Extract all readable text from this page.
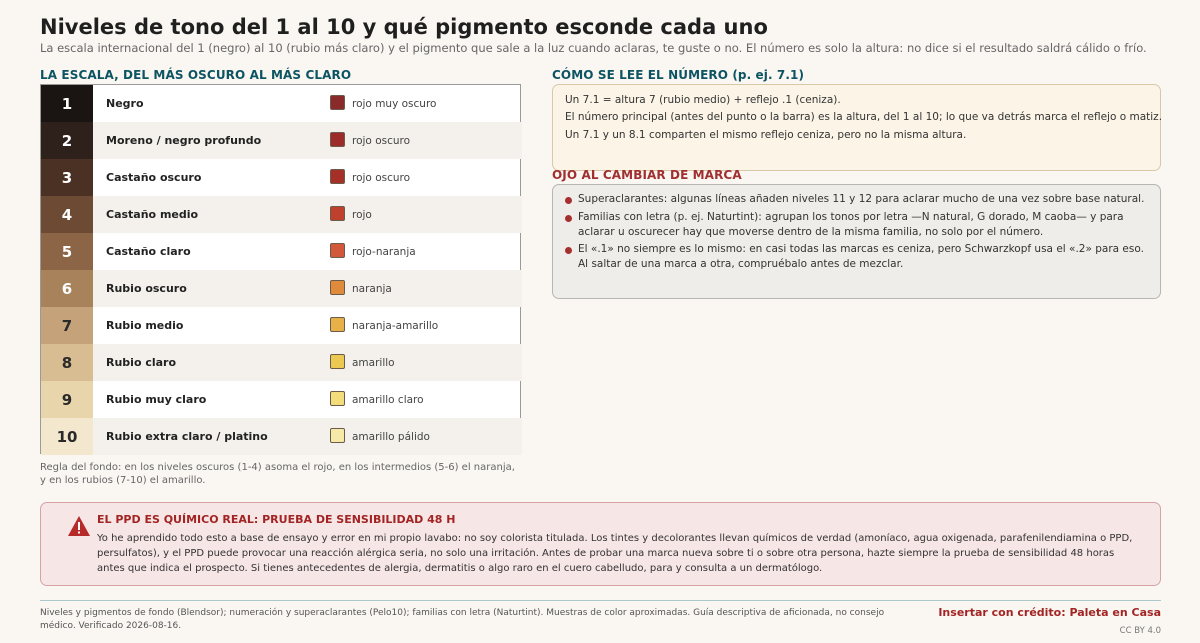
Niveles de tono del 1 al 10 y qué pigmento esconde cada uno
La escala internacional del 1 (negro) al 10 (rubio más claro) y el pigmento que sale a la luz cuando aclaras, te guste o no. El número es solo la altura: no dice si el resultado saldrá cálido o frío.
LA ESCALA, DEL MÁS OSCURO AL MÁS CLARO
1	Negro	rojo muy oscuro
2	Moreno / negro profundo	rojo oscuro
3	Castaño oscuro	rojo oscuro
4	Castaño medio	rojo
5	Castaño claro	rojo-naranja
6	Rubio oscuro	naranja
7	Rubio medio	naranja-amarillo
8	Rubio claro	amarillo
9	Rubio muy claro	amarillo claro
10	Rubio extra claro / platino	amarillo pálido
Regla del fondo: en los niveles oscuros (1-4) asoma el rojo, en los intermedios (5-6) el naranja, y en los rubios (7-10) el amarillo.
CÓMO SE LEE EL NÚMERO (p. ej. 7.1)
Un 7.1 = altura 7 (rubio medio) + reflejo .1 (ceniza).
El número principal (antes del punto o la barra) es la altura, del 1 al 10; lo que va detrás marca el reflejo o matiz.
Un 7.1 y un 8.1 comparten el mismo reflejo ceniza, pero no la misma altura.
OJO AL CAMBIAR DE MARCA
Superaclarantes: algunas líneas añaden niveles 11 y 12 para aclarar mucho de una vez sobre base natural.
Familias con letra (p. ej. Naturtint): agrupan los tonos por letra —N natural, G dorado, M caoba— y para aclarar u oscurecer hay que moverse dentro de la misma familia, no solo por el número.
El «.1» no siempre es lo mismo: en casi todas las marcas es ceniza, pero Schwarzkopf usa el «.2» para eso. Al saltar de una marca a otra, compruébalo antes de mezclar.
EL PPD ES QUÍMICO REAL: PRUEBA DE SENSIBILIDAD 48 H
Yo he aprendido todo esto a base de ensayo y error en mi propio lavabo: no soy colorista titulada. Los tintes y decolorantes llevan químicos de verdad (amoníaco, agua oxigenada, parafenilendiamina o PPD, persulfatos), y el PPD puede provocar una reacción alérgica seria, no solo una irritación. Antes de probar una marca nueva sobre ti o sobre otra persona, hazte siempre la prueba de sensibilidad 48 horas antes que indica el prospecto. Si tienes antecedentes de alergia, dermatitis o algo raro en el cuero cabelludo, para y consulta a un dermatólogo.
Niveles y pigmentos de fondo (Blendsor); numeración y superaclarantes (Pelo10); familias con letra (Naturtint). Muestras de color aproximadas. Guía descriptiva de aficionada, no consejo médico. Verificado 2026-08-16.
Insertar con crédito: Paleta en Casa
CC BY 4.0
